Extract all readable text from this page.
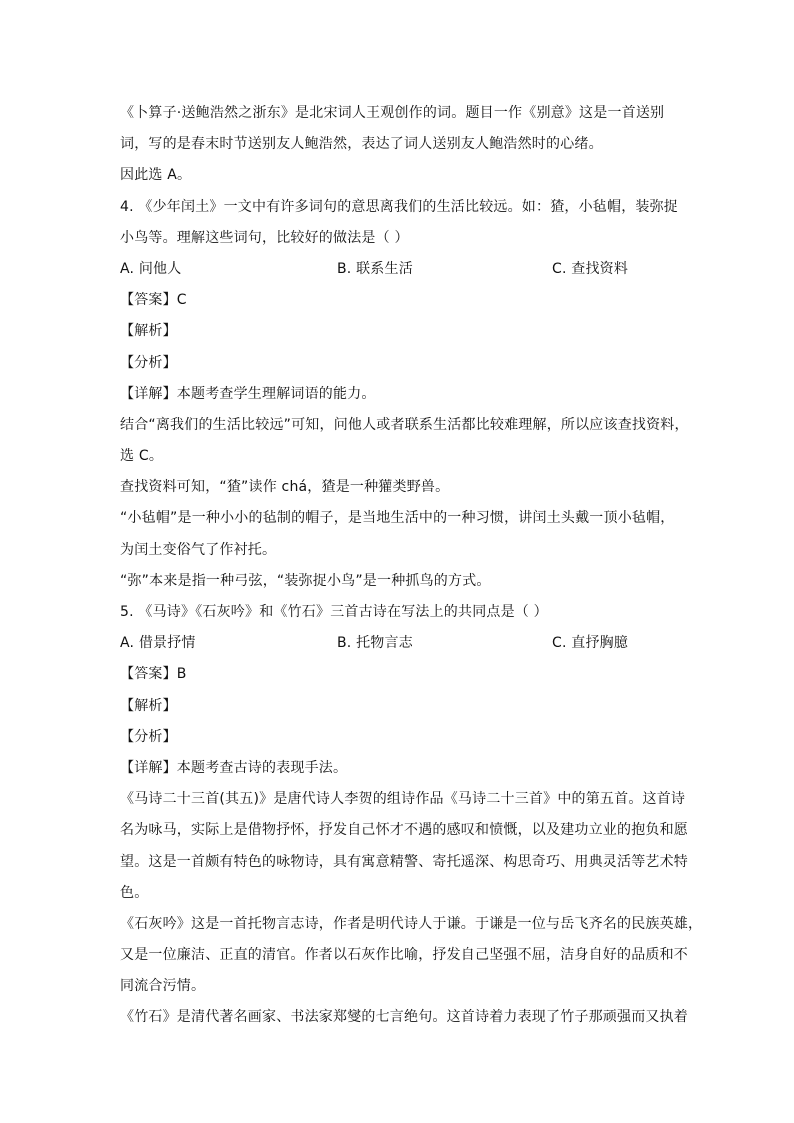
《卜算子·送鲍浩然之浙东》是北宋词人王观创作的词。题目一作《别意》这是一首送别
词，写的是春末时节送别友人鲍浩然，表达了词人送别友人鲍浩然时的心绪。
因此选 A。
4. 《少年闰土》一文中有许多词句的意思离我们的生活比较远。如：猹，小毡帽，装弥捉
小鸟等。理解这些词句，比较好的做法是（ ）
A. 问他人	B. 联系生活	C. 查找资料
【答案】C
【解析】
【分析】
【详解】本题考查学生理解词语的能力。
结合“离我们的生活比较远”可知，问他人或者联系生活都比较难理解，所以应该查找资料，
选 C。
查找资料可知，“猹”读作 chá，猹是一种獾类野兽。
“小毡帽”是一种小小的毡制的帽子，是当地生活中的一种习惯，讲闰土头戴一顶小毡帽，
为闰土变俗气了作衬托。
“弥”本来是指一种弓弦，“装弥捉小鸟”是一种抓鸟的方式。
5. 《马诗》《石灰吟》和《竹石》三首古诗在写法上的共同点是（ ）
A. 借景抒情	B. 托物言志	C. 直抒胸臆
【答案】B
【解析】
【分析】
【详解】本题考查古诗的表现手法。
《马诗二十三首(其五)》是唐代诗人李贺的组诗作品《马诗二十三首》中的第五首。这首诗
名为咏马，实际上是借物抒怀，抒发自己怀才不遇的感叹和愤慨，以及建功立业的抱负和愿
望。这是一首颇有特色的咏物诗，具有寓意精警、寄托遥深、构思奇巧、用典灵活等艺术特
色。
《石灰吟》这是一首托物言志诗，作者是明代诗人于谦。于谦是一位与岳飞齐名的民族英雄，
又是一位廉洁、正直的清官。作者以石灰作比喻，抒发自己坚强不屈，洁身自好的品质和不
同流合污情。
《竹石》是清代著名画家、书法家郑燮的七言绝句。这首诗着力表现了竹子那顽强而又执着
